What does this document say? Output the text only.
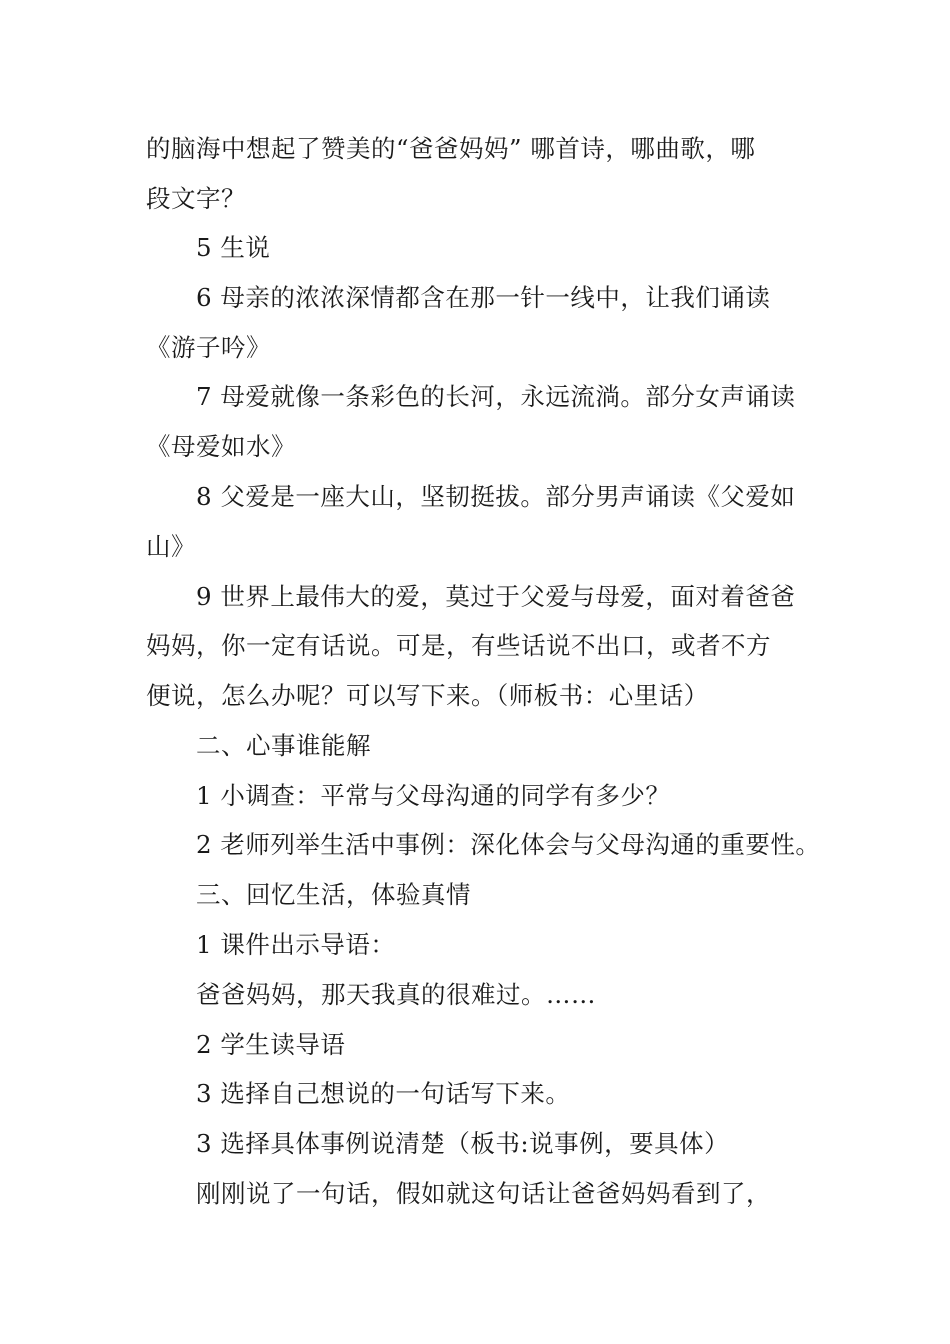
的脑海中想起了赞美的“爸爸妈妈” 哪首诗，哪曲歌，哪

段文字？

5 生说

6 母亲的浓浓深情都含在那一针一线中，让我们诵读

《游子吟》

7 母爱就像一条彩色的长河，永远流淌。部分女声诵读

《母爱如水》

8 父爱是一座大山，坚韧挺拔。部分男声诵读《父爱如

山》

9 世界上最伟大的爱，莫过于父爱与母爱，面对着爸爸

妈妈，你一定有话说。可是，有些话说不出口，或者不方

便说，怎么办呢？可以写下来。（师板书：心里话）

二、心事谁能解

1 小调查：平常与父母沟通的同学有多少？

2 老师列举生活中事例：深化体会与父母沟通的重要性。

三、回忆生活，体验真情

1 课件出示导语：

爸爸妈妈，那天我真的很难过。……

2 学生读导语

3 选择自己想说的一句话写下来。

3 选择具体事例说清楚（板书:说事例，要具体）

刚刚说了一句话，假如就这句话让爸爸妈妈看到了，
